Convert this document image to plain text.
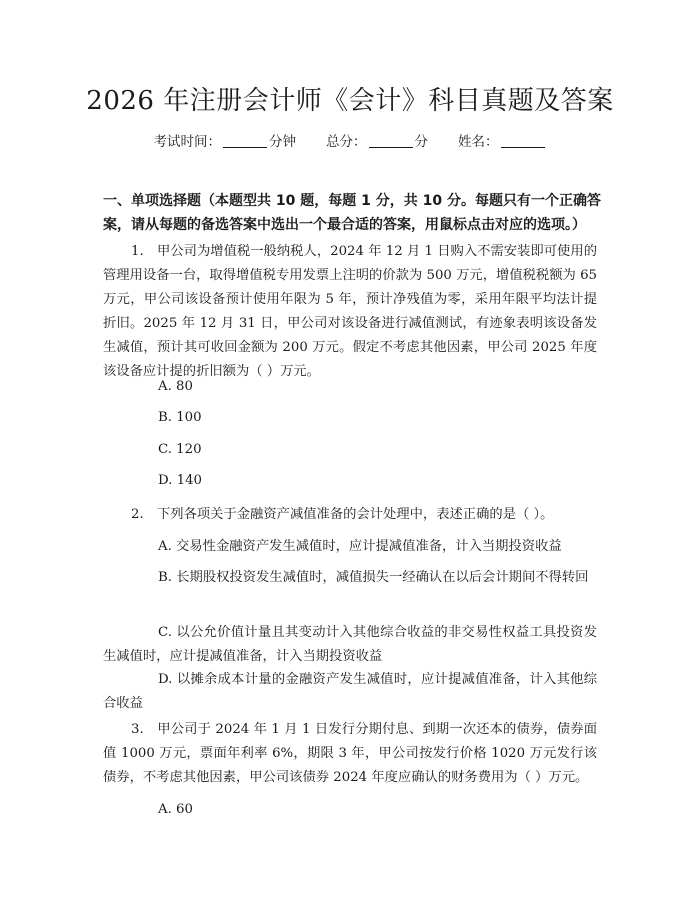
2026 年注册会计师《会计》科目真题及答案
考试时间：	分钟 总分：	分 姓名：
一、单项选择题（本题型共 10 题，每题 1 分，共 10 分。每题只有一个正确答案，请从每题的备选答案中选出一个最合适的答案，用鼠标点击对应的选项。）
1.　甲公司为增值税一般纳税人，2024 年 12 月 1 日购入不需安装即可使用的管理用设备一台，取得增值税专用发票上注明的价款为 500 万元，增值税税额为 65 万元，甲公司该设备预计使用年限为 5 年，预计净残值为零，采用年限平均法计提折旧。2025 年 12 月 31 日，甲公司对该设备进行减值测试，有迹象表明该设备发生减值，预计其可收回金额为 200 万元。假定不考虑其他因素，甲公司 2025 年度该设备应计提的折旧额为（ ）万元。
A. 80
B. 100
C. 120
D. 140
2.　下列各项关于金融资产减值准备的会计处理中，表述正确的是（ ）。
A. 交易性金融资产发生减值时，应计提减值准备，计入当期投资收益
B. 长期股权投资发生减值时，减值损失一经确认在以后会计期间不得转回
C. 以公允价值计量且其变动计入其他综合收益的非交易性权益工具投资发生减值时，应计提减值准备，计入当期投资收益
D. 以摊余成本计量的金融资产发生减值时，应计提减值准备，计入其他综合收益
3.　甲公司于 2024 年 1 月 1 日发行分期付息、到期一次还本的债券，债券面值 1000 万元，票面年利率 6%，期限 3 年，甲公司按发行价格 1020 万元发行该债券，不考虑其他因素，甲公司该债券 2024 年度应确认的财务费用为（ ）万元。
A. 60
